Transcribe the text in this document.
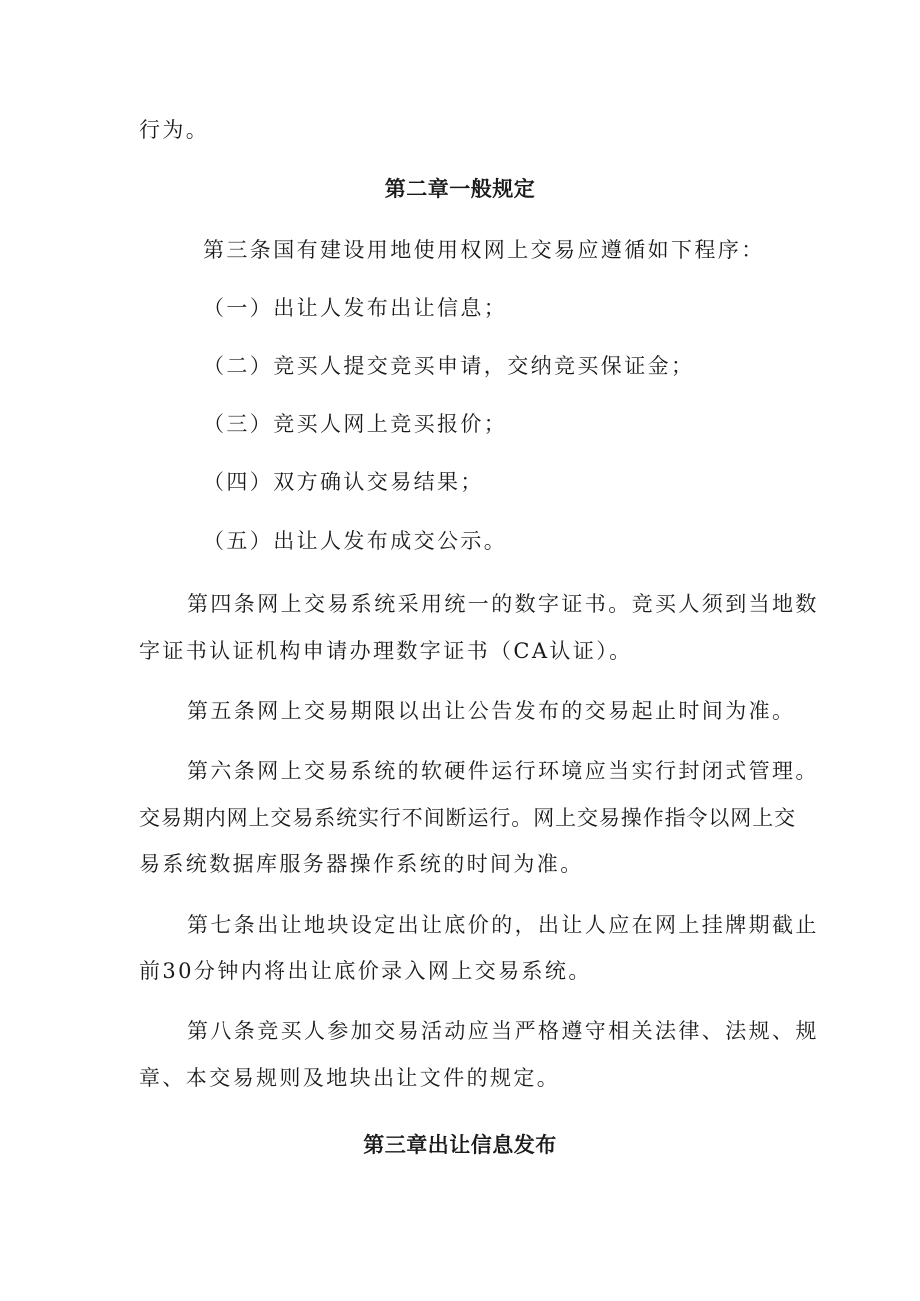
行为。
第二章一般规定
第三条国有建设用地使用权网上交易应遵循如下程序：
（一）出让人发布出让信息；
（二）竞买人提交竞买申请，交纳竞买保证金；
（三）竞买人网上竞买报价；
（四）双方确认交易结果；
（五）出让人发布成交公示。
第四条网上交易系统采用统一的数字证书。竞买人须到当地数
字证书认证机构申请办理数字证书（CA认证）。
第五条网上交易期限以出让公告发布的交易起止时间为准。
第六条网上交易系统的软硬件运行环境应当实行封闭式管理。
交易期内网上交易系统实行不间断运行。网上交易操作指令以网上交
易系统数据库服务器操作系统的时间为准。
第七条出让地块设定出让底价的，出让人应在网上挂牌期截止
前30分钟内将出让底价录入网上交易系统。
第八条竞买人参加交易活动应当严格遵守相关法律、法规、规
章、本交易规则及地块出让文件的规定。
第三章出让信息发布
